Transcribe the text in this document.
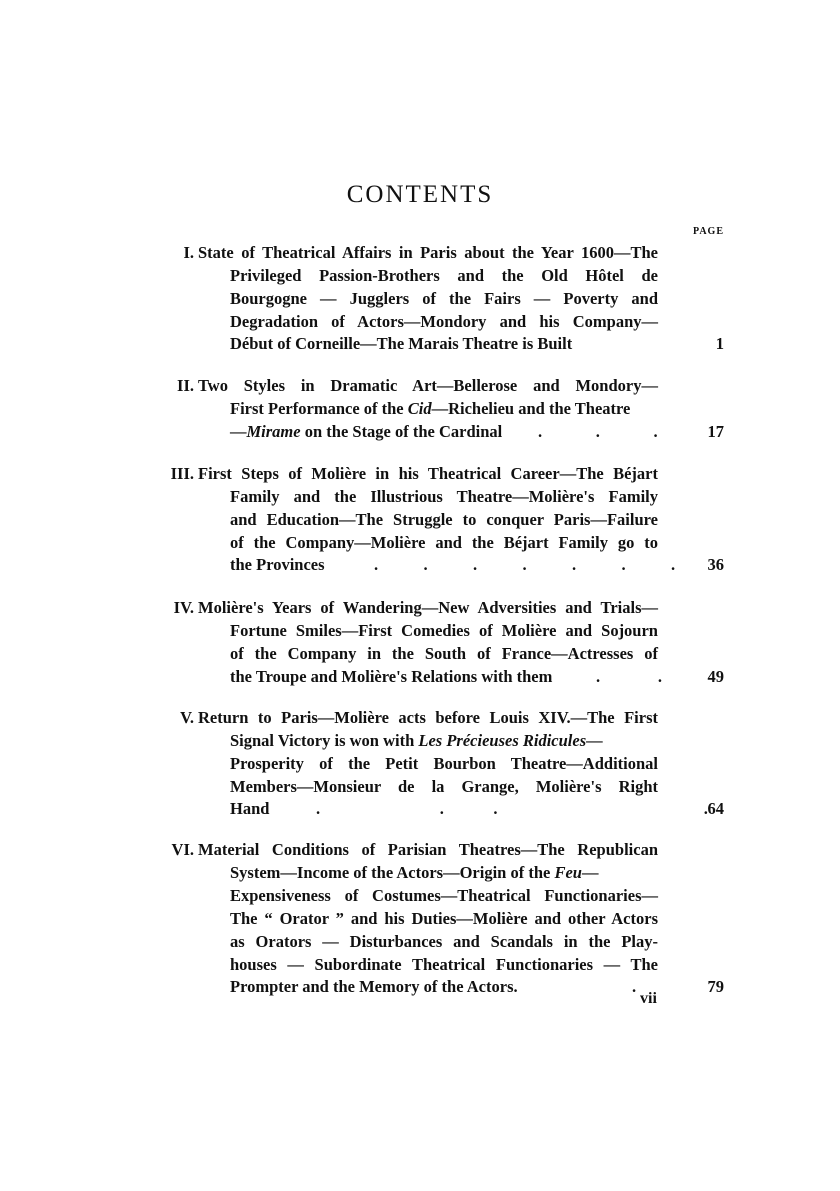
CONTENTS
PAGE
I. State of Theatrical Affairs in Paris about the Year 1600—The
Privileged Passion-Brothers and the Old Hôtel de
Bourgogne — Jugglers of the Fairs — Poverty and
Degradation of Actors—Mondory and his Company—
Début of Corneille—The Marais Theatre is Built	1
II. Two Styles in Dramatic Art—Bellerose and Mondory—
First Performance of the Cid—Richelieu and the Theatre
—Mirame on the Stage of the Cardinal .             .             .	17
III. First Steps of Molière in his Theatrical Career—The Béjart
Family and the Illustrious Theatre—Molière's Family
and Education—The Struggle to conquer Paris—Failure
of the Company—Molière and the Béjart Family go to
the Provinces	.           .           .           .           .           .           .	36
IV. Molière's Years of Wandering—New Adversities and Trials—
Fortune Smiles—First Comedies of Molière and Sojourn
of the Company in the South of France—Actresses of
the Troupe and Molière's Relations with them	.              .	49
V. Return to Paris—Molière acts before Louis XIV.—The First
Signal Victory is won with Les Précieuses Ridicules—
Prosperity of the Petit Bourbon Theatre—Additional
Members—Monsieur de la Grange, Molière's Right
Hand	.                             .            .                                                  . 64
VI. Material Conditions of Parisian Theatres—The Republican
System—Income of the Actors—Origin of the Feu—
Expensiveness of Costumes—Theatrical Functionaries—
The “ Orator ” and his Duties—Molière and other Actors
as Orators — Disturbances and Scandals in the Play-
houses — Subordinate Theatrical Functionaries — The
Prompter and the Memory of the Actors.	.	79
vii
